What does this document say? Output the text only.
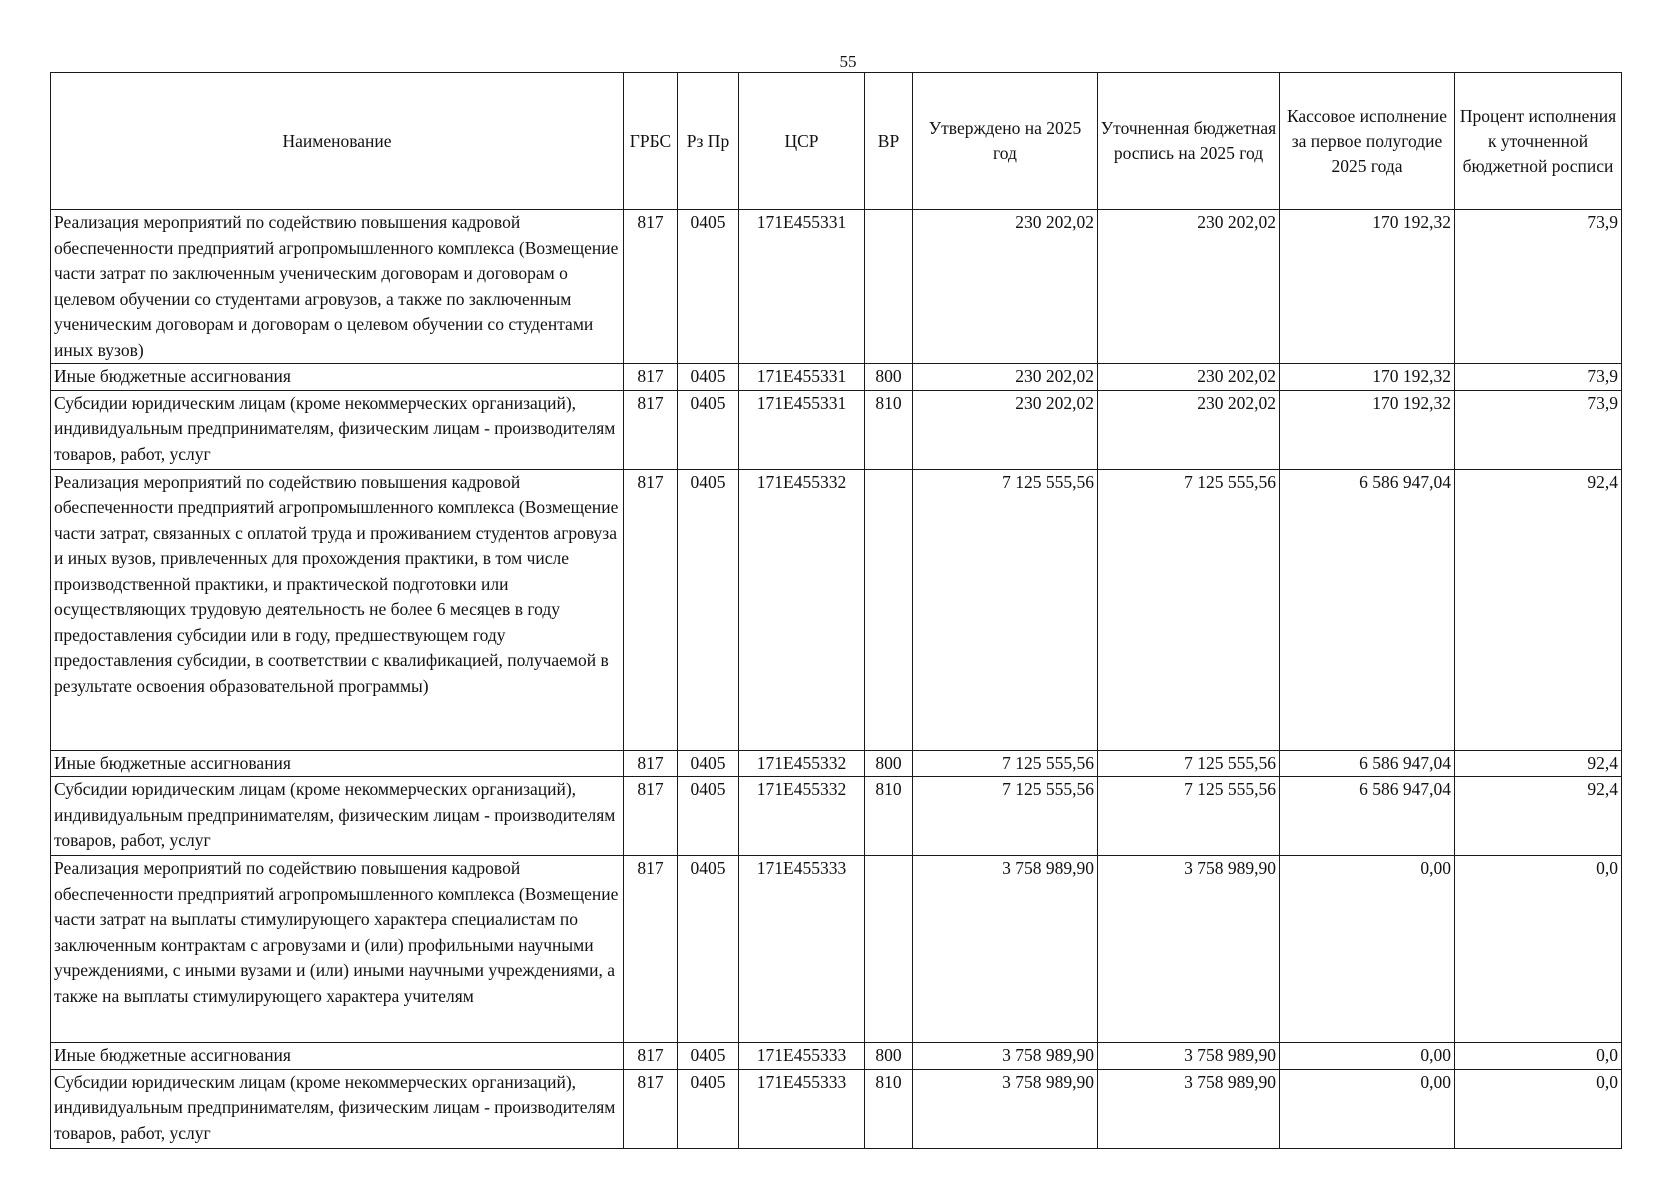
55
Наименование	ГРБС	Рз Пр	ЦСР	ВР	Утверждено на 2025 год	Уточненная бюджетная роспись на 2025 год	Кассовое исполнение за первое полугодие 2025 года	Процент исполнения к уточненной бюджетной росписи
Реализация мероприятий по содействию повышения кадровой обеспеченности предприятий агропромышленного комплекса (Возмещение части затрат по заключенным ученическим договорам и договорам о целевом обучении со студентами агровузов, а также по заключенным ученическим договорам и договорам о целевом обучении со студентами иных вузов)	817	0405	171Е455331		230 202,02	230 202,02	170 192,32	73,9
Иные бюджетные ассигнования	817	0405	171Е455331	800	230 202,02	230 202,02	170 192,32	73,9
Субсидии юридическим лицам (кроме некоммерческих организаций), индивидуальным предпринимателям, физическим лицам - производителям товаров, работ, услуг	817	0405	171Е455331	810	230 202,02	230 202,02	170 192,32	73,9
Реализация мероприятий по содействию повышения кадровой обеспеченности предприятий агропромышленного комплекса (Возмещение части затрат, связанных с оплатой труда и проживанием студентов агровуза и иных вузов, привлеченных для прохождения практики, в том числе производственной практики, и практической подготовки или осуществляющих трудовую деятельность не более 6 месяцев в году предоставления субсидии или в году, предшествующем году предоставления субсидии, в соответствии с квалификацией, получаемой в результате освоения образовательной программы)	817	0405	171Е455332		7 125 555,56	7 125 555,56	6 586 947,04	92,4
Иные бюджетные ассигнования	817	0405	171Е455332	800	7 125 555,56	7 125 555,56	6 586 947,04	92,4
Субсидии юридическим лицам (кроме некоммерческих организаций), индивидуальным предпринимателям, физическим лицам - производителям товаров, работ, услуг	817	0405	171Е455332	810	7 125 555,56	7 125 555,56	6 586 947,04	92,4
Реализация мероприятий по содействию повышения кадровой обеспеченности предприятий агропромышленного комплекса (Возмещение части затрат на выплаты стимулирующего характера специалистам по заключенным контрактам с агровузами и (или) профильными научными учреждениями, с иными вузами и (или) иными научными учреждениями, а также на выплаты стимулирующего характера учителям	817	0405	171Е455333		3 758 989,90	3 758 989,90	0,00	0,0
Иные бюджетные ассигнования	817	0405	171Е455333	800	3 758 989,90	3 758 989,90	0,00	0,0
Субсидии юридическим лицам (кроме некоммерческих организаций), индивидуальным предпринимателям, физическим лицам - производителям товаров, работ, услуг	817	0405	171Е455333	810	3 758 989,90	3 758 989,90	0,00	0,0
